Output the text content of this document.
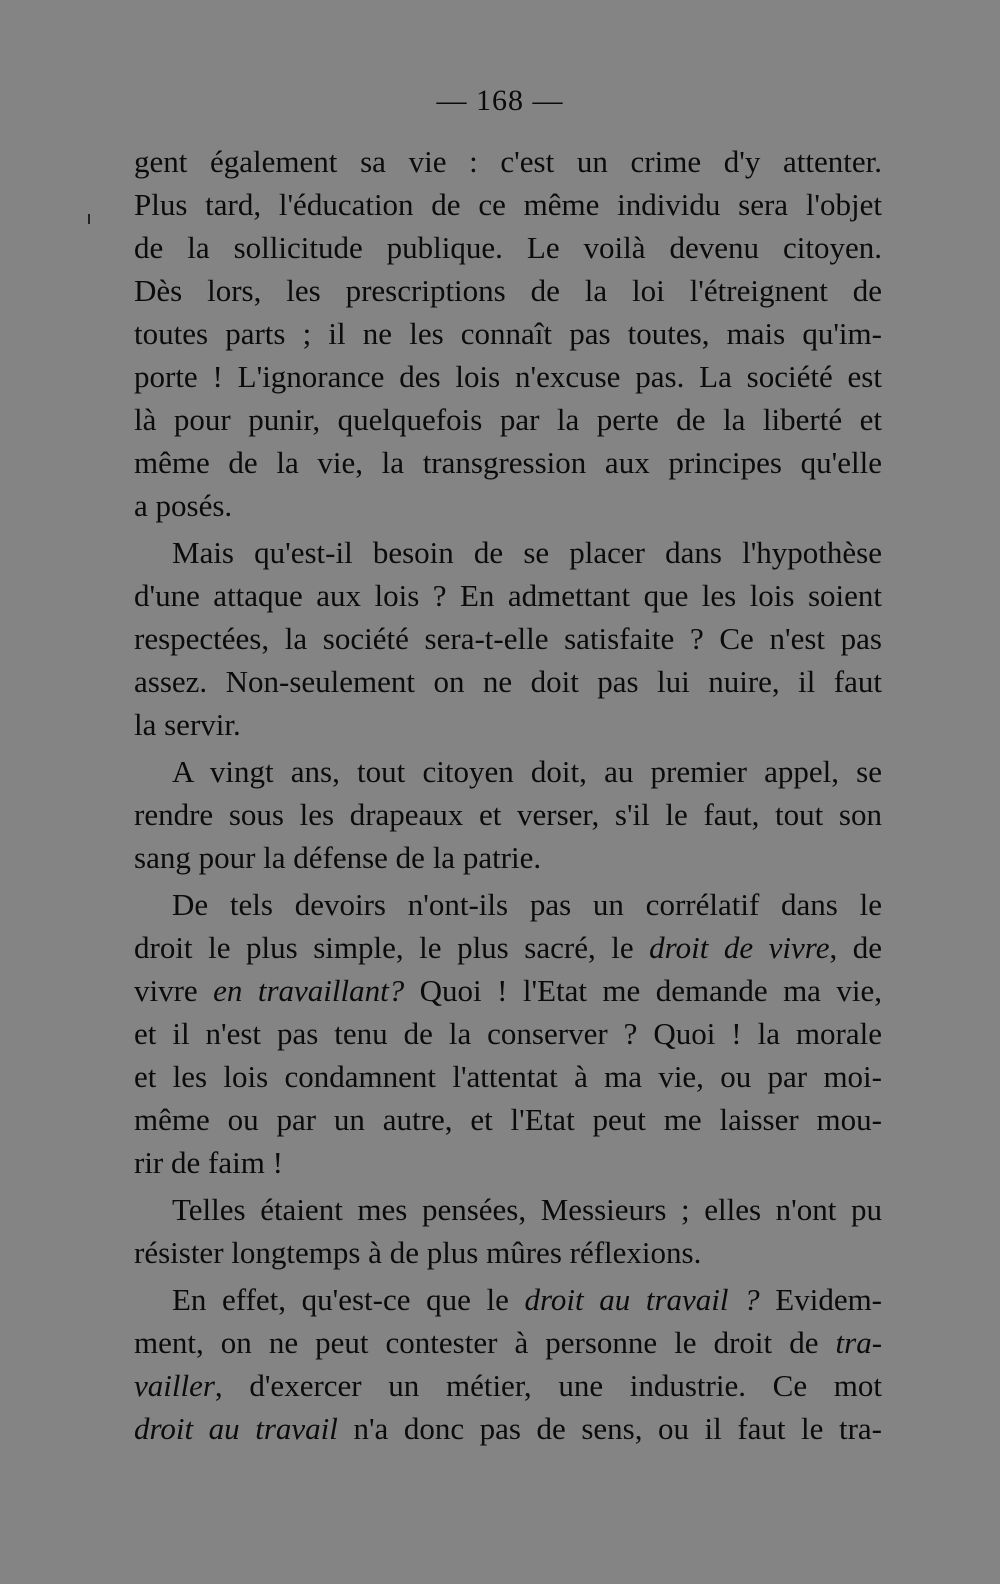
— 168 —
gent également sa vie : c'est un crime d'y attenter.
Plus tard, l'éducation de ce même individu sera l'objet
de la sollicitude publique. Le voilà devenu citoyen.
Dès lors, les prescriptions de la loi l'étreignent de
toutes parts ; il ne les connaît pas toutes, mais qu'im-
porte ! L'ignorance des lois n'excuse pas. La société est
là pour punir, quelquefois par la perte de la liberté et
même de la vie, la transgression aux principes qu'elle
a posés.
Mais qu'est-il besoin de se placer dans l'hypothèse
d'une attaque aux lois ? En admettant que les lois soient
respectées, la société sera-t-elle satisfaite ? Ce n'est pas
assez. Non-seulement on ne doit pas lui nuire, il faut
la servir.
A vingt ans, tout citoyen doit, au premier appel, se
rendre sous les drapeaux et verser, s'il le faut, tout son
sang pour la défense de la patrie.
De tels devoirs n'ont-ils pas un corrélatif dans le
droit le plus simple, le plus sacré, le droit de vivre, de
vivre en travaillant? Quoi ! l'Etat me demande ma vie,
et il n'est pas tenu de la conserver ? Quoi ! la morale
et les lois condamnent l'attentat à ma vie, ou par moi-
même ou par un autre, et l'Etat peut me laisser mou-
rir de faim !
Telles étaient mes pensées, Messieurs ; elles n'ont pu
résister longtemps à de plus mûres réflexions.
En effet, qu'est-ce que le droit au travail ? Evidem-
ment, on ne peut contester à personne le droit de tra-
vailler, d'exercer un métier, une industrie. Ce mot
droit au travail n'a donc pas de sens, ou il faut le tra-
